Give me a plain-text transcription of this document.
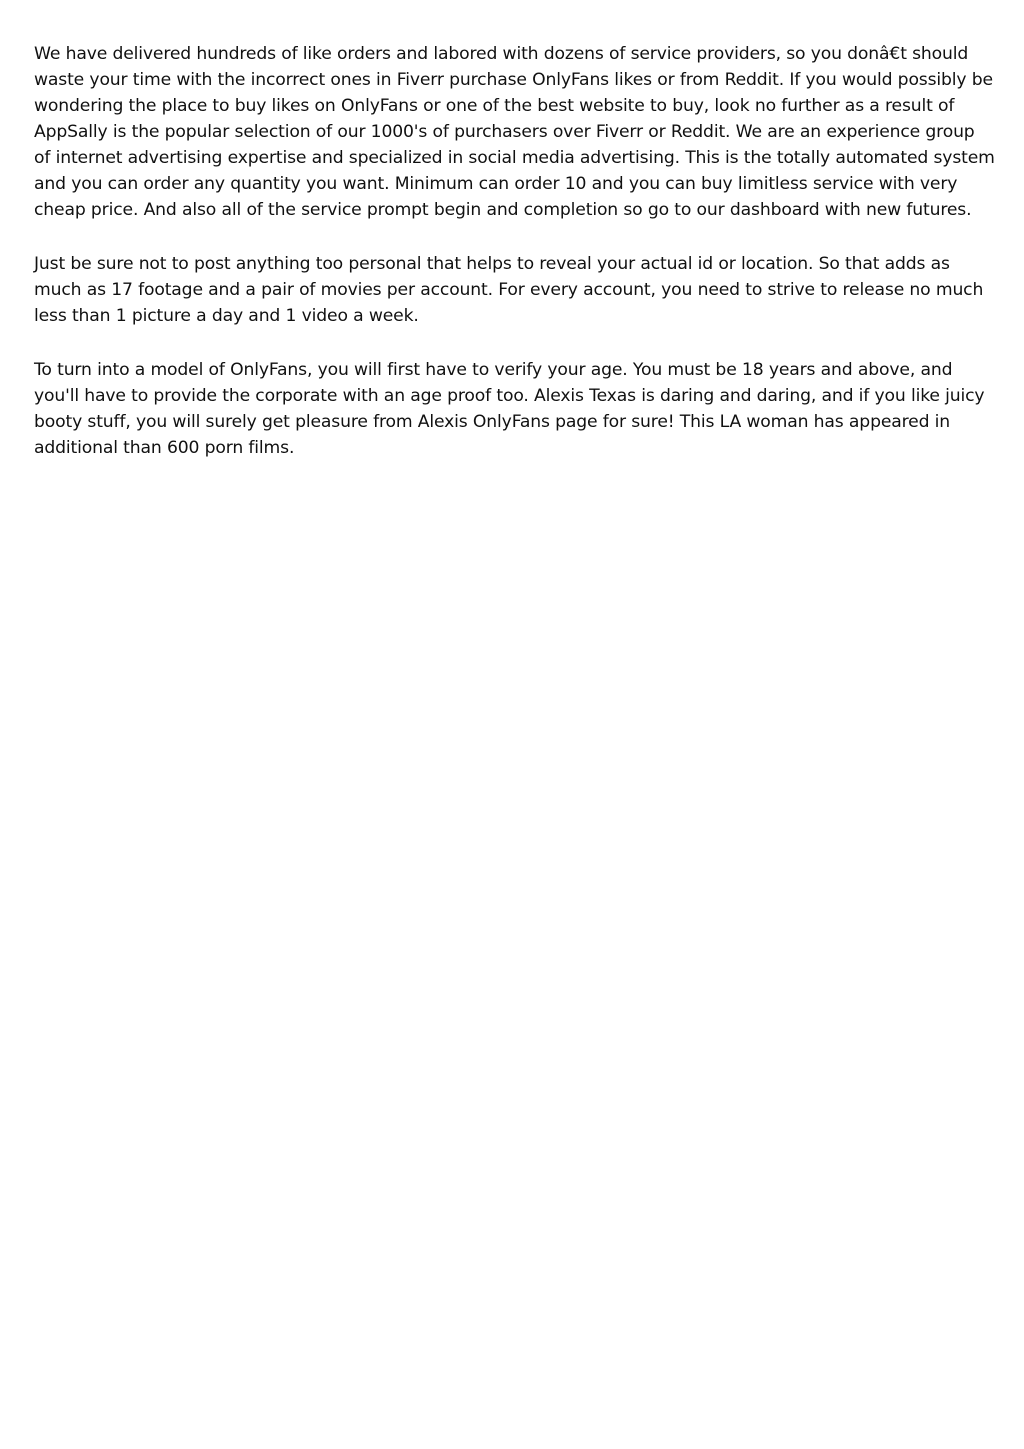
We have delivered hundreds of like orders and labored with dozens of service providers, so you donâ€t should waste your time with the incorrect ones in Fiverr purchase OnlyFans likes or from Reddit. If you would possibly be wondering the place to buy likes on OnlyFans or one of the best website to buy, look no further as a result of AppSally is the popular selection of our 1000's of purchasers over Fiverr or Reddit. We are an experience group of internet advertising expertise and specialized in social media advertising. This is the totally automated system and you can order any quantity you want. Minimum can order 10 and you can buy limitless service with very cheap price. And also all of the service prompt begin and completion so go to our dashboard with new futures.

Just be sure not to post anything too personal that helps to reveal your actual id or location. So that adds as much as 17 footage and a pair of movies per account. For every account, you need to strive to release no much less than 1 picture a day and 1 video a week.

To turn into a model of OnlyFans, you will first have to verify your age. You must be 18 years and above, and you'll have to provide the corporate with an age proof too. Alexis Texas is daring and daring, and if you like juicy booty stuff, you will surely get pleasure from Alexis OnlyFans page for sure! This LA woman has appeared in additional than 600 porn films.
